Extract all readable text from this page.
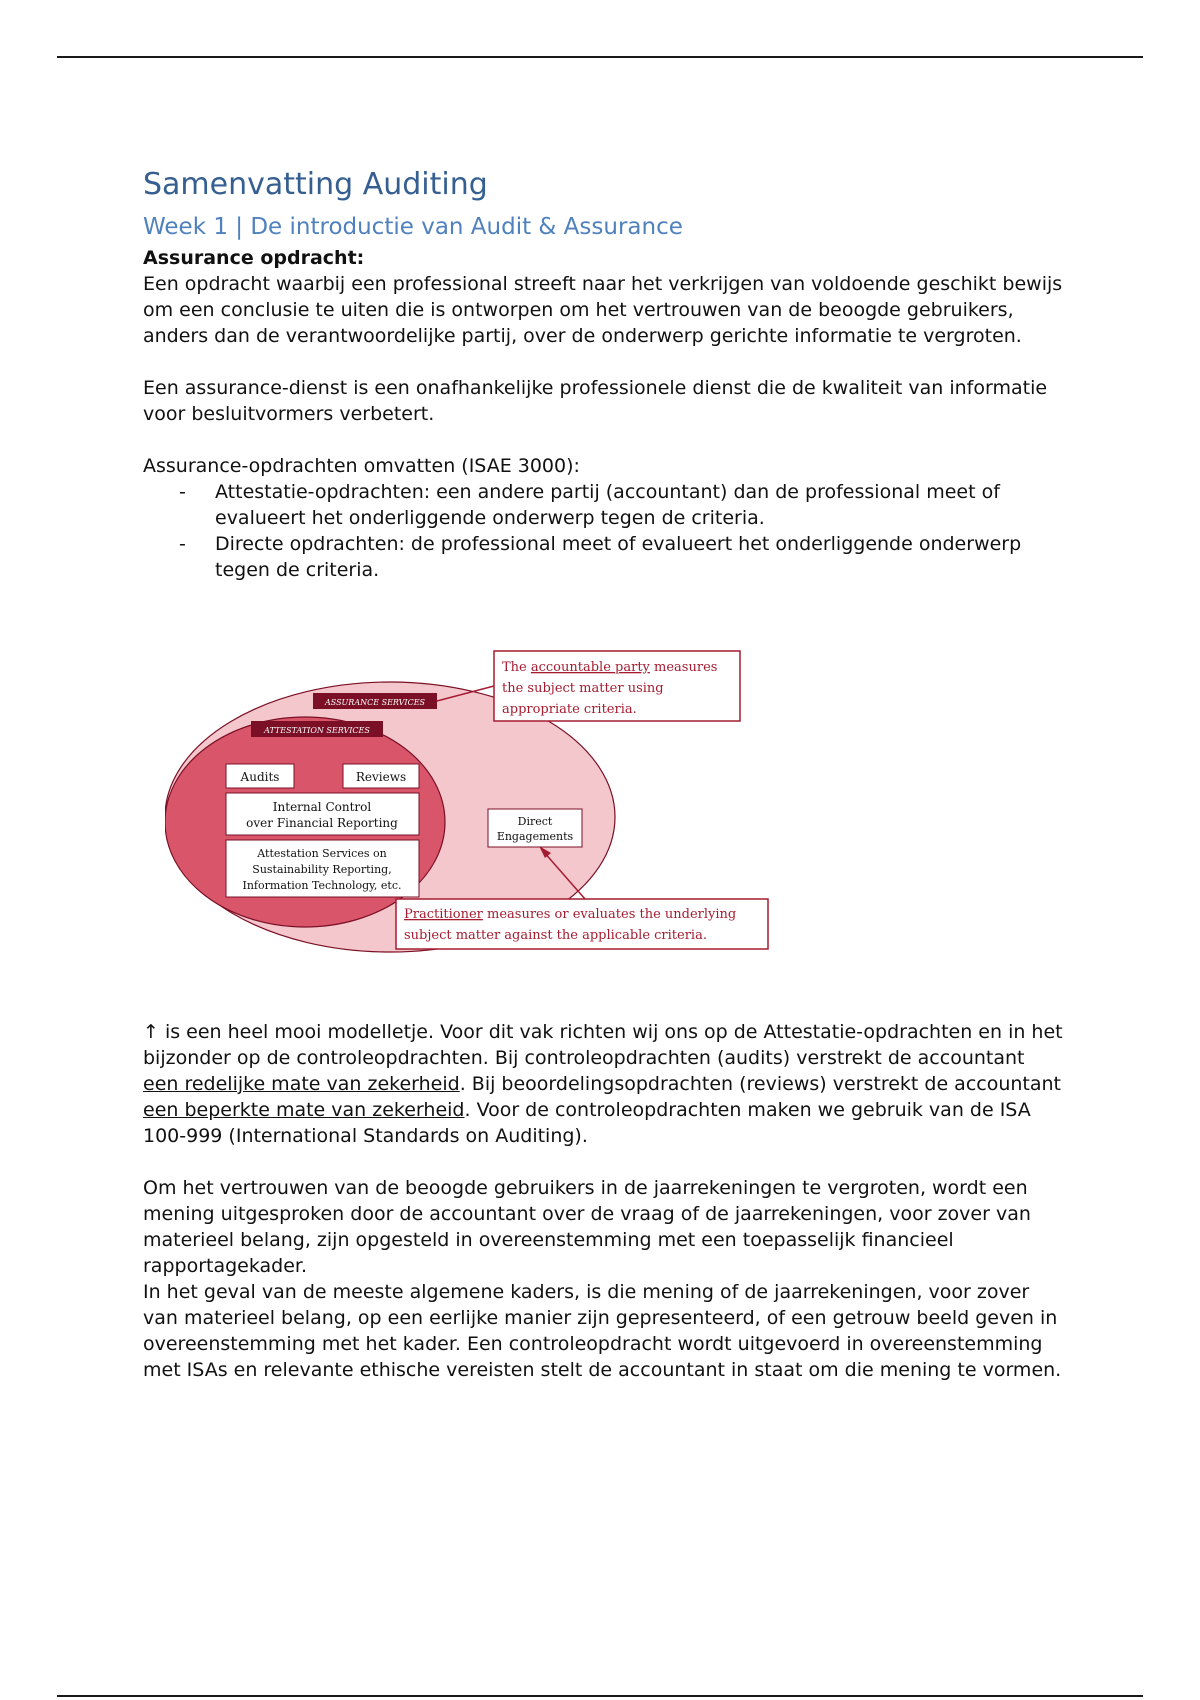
Samenvatting Auditing
Week 1 | De introductie van Audit & Assurance
Assurance opdracht:

Een opdracht waarbij een professional streeft naar het verkrijgen van voldoende geschikt bewijs om een conclusie te uiten die is ontworpen om het vertrouwen van de beoogde gebruikers, anders dan de verantwoordelijke partij, over de onderwerp gerichte informatie te vergroten.

Een assurance-dienst is een onafhankelijke professionele dienst die de kwaliteit van informatie voor besluitvormers verbetert.

Assurance-opdrachten omvatten (ISAE 3000):

- Attestatie-opdrachten: een andere partij (accountant) dan de professional meet of evalueert het onderliggende onderwerp tegen de criteria.
- Directe opdrachten: de professional meet of evalueert het onderliggende onderwerp tegen de criteria.
ASSURANCE SERVICES
ATTESTATION SERVICES
Audits	Reviews
Internal Control
over Financial Reporting
Attestation Services on
Sustainability Reporting,
Information Technology, etc.
Direct
Engagements
The accountable party measures
the subject matter using
appropriate criteria.
Practitioner measures or evaluates the underlying
subject matter against the applicable criteria.

↑ is een heel mooi modelletje. Voor dit vak richten wij ons op de Attestatie-opdrachten en in het bijzonder op de controleopdrachten. Bij controleopdrachten (audits) verstrekt de accountant een redelijke mate van zekerheid. Bij beoordelingsopdrachten (reviews) verstrekt de accountant een beperkte mate van zekerheid. Voor de controleopdrachten maken we gebruik van de ISA 100-999 (International Standards on Auditing).

Om het vertrouwen van de beoogde gebruikers in de jaarrekeningen te vergroten, wordt een mening uitgesproken door de accountant over de vraag of de jaarrekeningen, voor zover van materieel belang, zijn opgesteld in overeenstemming met een toepasselijk financieel rapportagekader.

In het geval van de meeste algemene kaders, is die mening of de jaarrekeningen, voor zover van materieel belang, op een eerlijke manier zijn gepresenteerd, of een getrouw beeld geven in overeenstemming met het kader. Een controleopdracht wordt uitgevoerd in overeenstemming met ISAs en relevante ethische vereisten stelt de accountant in staat om die mening te vormen.
